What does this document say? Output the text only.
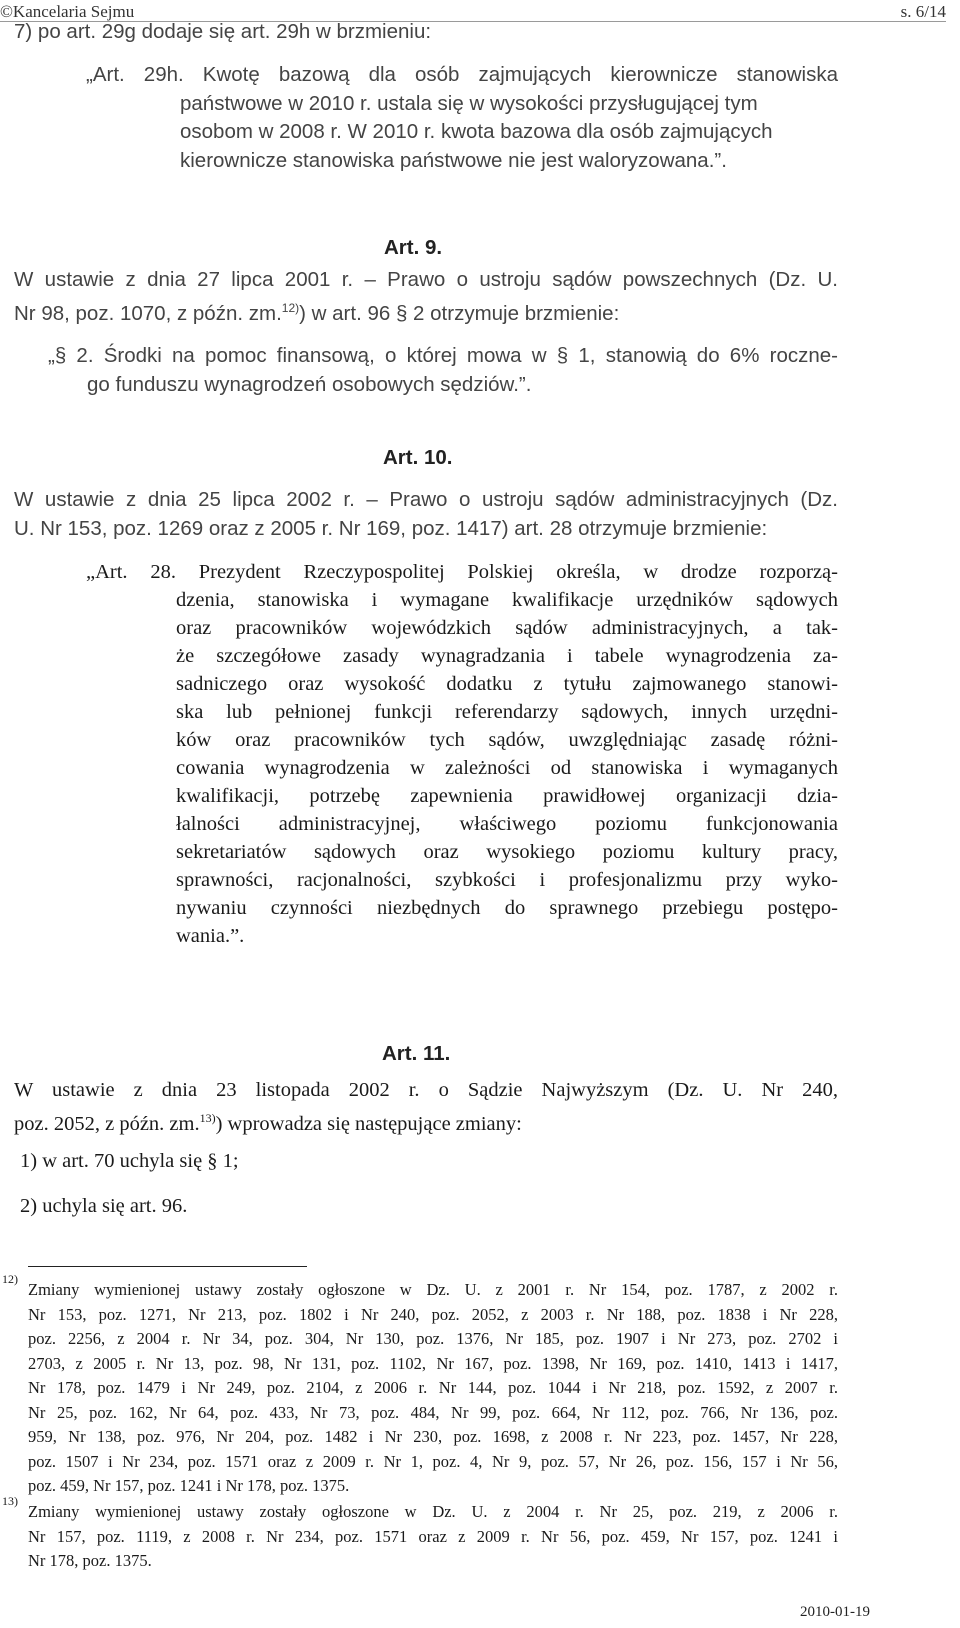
©Kancelaria Sejmu	s. 6/14
7) po art. 29g dodaje się art. 29h w brzmieniu:
„Art. 29h. Kwotę bazową dla osób zajmujących kierownicze stanowiska
państwowe w 2010 r. ustala się w wysokości przysługującej tym
osobom w 2008 r. W 2010 r. kwota bazowa dla osób zajmujących
kierownicze stanowiska państwowe nie jest waloryzowana.”.
Art. 9.
W ustawie z dnia 27 lipca 2001 r. – Prawo o ustroju sądów powszechnych (Dz. U.
Nr 98, poz. 1070, z późn. zm.$^{12)}$) w art. 96 § 2 otrzymuje brzmienie:
„§ 2. Środki na pomoc finansową, o której mowa w § 1, stanowią do 6% roczne-
go funduszu wynagrodzeń osobowych sędziów.”.
Art. 10.
W ustawie z dnia 25 lipca 2002 r. – Prawo o ustroju sądów administracyjnych (Dz.
U. Nr 153, poz. 1269 oraz z 2005 r. Nr 169, poz. 1417) art. 28 otrzymuje brzmienie:
„Art. 28. Prezydent Rzeczypospolitej Polskiej określa, w drodze rozporzą-
dzenia, stanowiska i wymagane kwalifikacje urzędników sądowych
oraz pracowników wojewódzkich sądów administracyjnych, a tak-
że szczegółowe zasady wynagradzania i tabele wynagrodzenia za-
sadniczego oraz wysokość dodatku z tytułu zajmowanego stanowi-
ska lub pełnionej funkcji referendarzy sądowych, innych urzędni-
ków oraz pracowników tych sądów, uwzględniając zasadę różni-
cowania wynagrodzenia w zależności od stanowiska i wymaganych
kwalifikacji, potrzebę zapewnienia prawidłowej organizacji dzia-
łalności administracyjnej, właściwego poziomu funkcjonowania
sekretariatów sądowych oraz wysokiego poziomu kultury pracy,
sprawności, racjonalności, szybkości i profesjonalizmu przy wyko-
nywaniu czynności niezbędnych do sprawnego przebiegu postępo-
wania.”.
Art. 11.
W ustawie z dnia 23 listopada 2002 r. o Sądzie Najwyższym (Dz. U. Nr 240,
poz. 2052, z późn. zm.$^{13)}$) wprowadza się następujące zmiany:
1) w art. 70 uchyla się § 1;
2) uchyla się art. 96.
12)
Zmiany wymienionej ustawy zostały ogłoszone w Dz. U. z 2001 r. Nr 154, poz. 1787, z 2002 r.
Nr 153, poz. 1271, Nr 213, poz. 1802 i Nr 240, poz. 2052, z 2003 r. Nr 188, poz. 1838 i Nr 228,
poz. 2256, z 2004 r. Nr 34, poz. 304, Nr 130, poz. 1376, Nr 185, poz. 1907 i Nr 273, poz. 2702 i
2703, z 2005 r. Nr 13, poz. 98, Nr 131, poz. 1102, Nr 167, poz. 1398, Nr 169, poz. 1410, 1413 i 1417,
Nr 178, poz. 1479 i Nr 249, poz. 2104, z 2006 r. Nr 144, poz. 1044 i Nr 218, poz. 1592, z 2007 r.
Nr 25, poz. 162, Nr 64, poz. 433, Nr 73, poz. 484, Nr 99, poz. 664, Nr 112, poz. 766, Nr 136, poz.
959, Nr 138, poz. 976, Nr 204, poz. 1482 i Nr 230, poz. 1698, z 2008 r. Nr 223, poz. 1457, Nr 228,
poz. 1507 i Nr 234, poz. 1571 oraz z 2009 r. Nr 1, poz. 4, Nr 9, poz. 57, Nr 26, poz. 156, 157 i Nr 56,
poz. 459, Nr 157, poz. 1241 i Nr 178, poz. 1375.
13)
Zmiany wymienionej ustawy zostały ogłoszone w Dz. U. z 2004 r. Nr 25, poz. 219, z 2006 r.
Nr 157, poz. 1119, z 2008 r. Nr 234, poz. 1571 oraz z 2009 r. Nr 56, poz. 459, Nr 157, poz. 1241 i
Nr 178, poz. 1375.
2010-01-19
